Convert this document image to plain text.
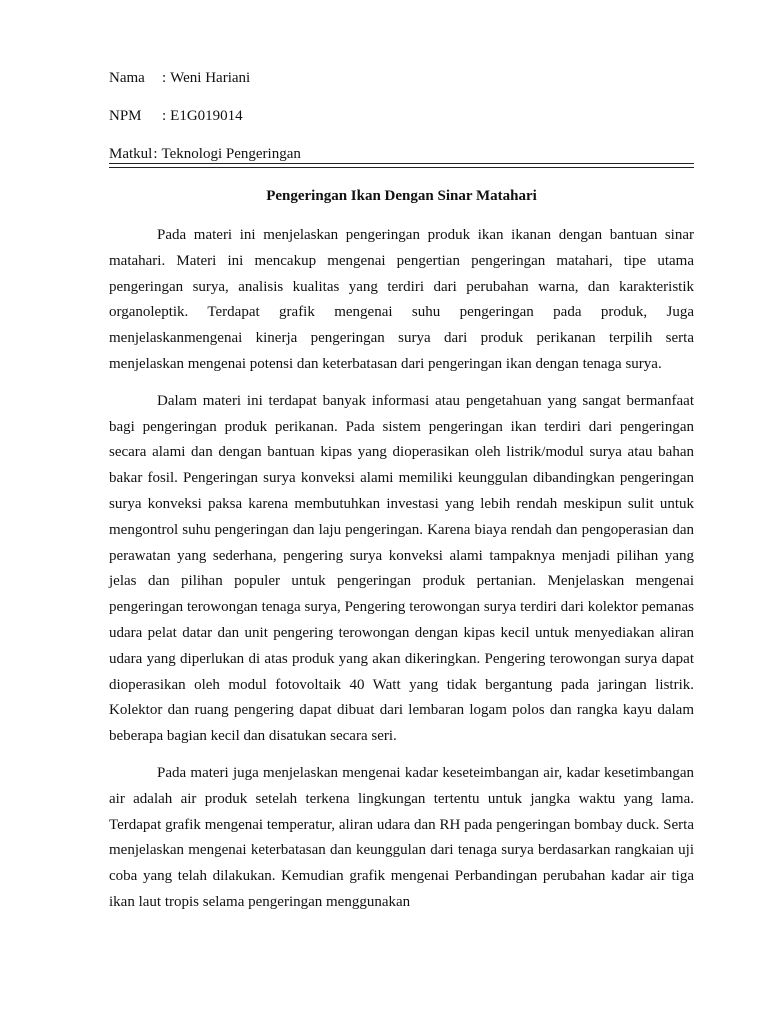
Nama : Weni Hariani
NPM : E1G019014
Matkul: Teknologi Pengeringan
Pengeringan Ikan Dengan Sinar Matahari

Pada materi ini menjelaskan pengeringan produk ikan ikanan dengan bantuan sinar matahari. Materi ini mencakup mengenai pengertian pengeringan matahari, tipe utama pengeringan surya, analisis kualitas yang terdiri dari perubahan warna, dan karakteristik organoleptik. Terdapat grafik mengenai suhu pengeringan pada produk, Juga menjelaskanmengenai kinerja pengeringan surya dari produk perikanan terpilih serta menjelaskan mengenai potensi dan keterbatasan dari pengeringan ikan dengan tenaga surya.

Dalam materi ini terdapat banyak informasi atau pengetahuan yang sangat bermanfaat bagi pengeringan produk perikanan. Pada sistem pengeringan ikan terdiri dari pengeringan secara alami dan dengan bantuan kipas yang dioperasikan oleh listrik/modul surya atau bahan bakar fosil. Pengeringan surya konveksi alami memiliki keunggulan dibandingkan pengeringan surya konveksi paksa karena membutuhkan investasi yang lebih rendah meskipun sulit untuk mengontrol suhu pengeringan dan laju pengeringan. Karena biaya rendah dan pengoperasian dan perawatan yang sederhana, pengering surya konveksi alami tampaknya menjadi pilihan yang jelas dan pilihan populer untuk pengeringan produk pertanian. Menjelaskan mengenai pengeringan terowongan tenaga surya, Pengering terowongan surya terdiri dari kolektor pemanas udara pelat datar dan unit pengering terowongan dengan kipas kecil untuk menyediakan aliran udara yang diperlukan di atas produk yang akan dikeringkan. Pengering terowongan surya dapat dioperasikan oleh modul fotovoltaik 40 Watt yang tidak bergantung pada jaringan listrik. Kolektor dan ruang pengering dapat dibuat dari lembaran logam polos dan rangka kayu dalam beberapa bagian kecil dan disatukan secara seri.

Pada materi juga menjelaskan mengenai kadar keseteimbangan air, kadar kesetimbangan air adalah air produk setelah terkena lingkungan tertentu untuk jangka waktu yang lama. Terdapat grafik mengenai temperatur, aliran udara dan RH pada pengeringan bombay duck. Serta menjelaskan mengenai keterbatasan dan keunggulan dari tenaga surya berdasarkan rangkaian uji coba yang telah dilakukan. Kemudian grafik mengenai Perbandingan perubahan kadar air tiga ikan laut tropis selama pengeringan menggunakan
